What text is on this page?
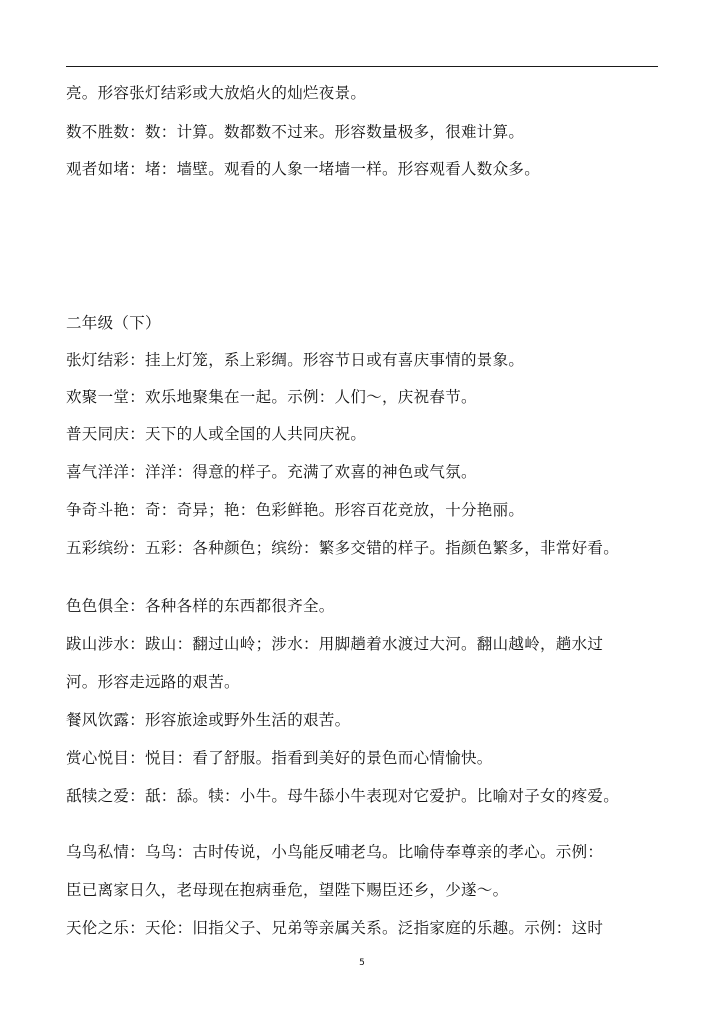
亮。形容张灯结彩或大放焰火的灿烂夜景。
数不胜数：数：计算。数都数不过来。形容数量极多，很难计算。
观者如堵：堵：墙壁。观看的人象一堵墙一样。形容观看人数众多。
二年级（下）
张灯结彩：挂上灯笼，系上彩绸。形容节日或有喜庆事情的景象。
欢聚一堂：欢乐地聚集在一起。示例：人们～，庆祝春节。
普天同庆：天下的人或全国的人共同庆祝。
喜气洋洋：洋洋：得意的样子。充满了欢喜的神色或气氛。
争奇斗艳：奇：奇异；艳：色彩鲜艳。形容百花竞放，十分艳丽。
五彩缤纷：五彩：各种颜色；缤纷：繁多交错的样子。指颜色繁多，非常好看。
色色俱全：各种各样的东西都很齐全。
跋山涉水：跋山：翻过山岭；涉水：用脚趟着水渡过大河。翻山越岭，趟水过
河。形容走远路的艰苦。
餐风饮露：形容旅途或野外生活的艰苦。
赏心悦目：悦目：看了舒服。指看到美好的景色而心情愉快。
舐犊之爱：舐：舔。犊：小牛。母牛舔小牛表现对它爱护。比喻对子女的疼爱。
乌鸟私情：乌鸟：古时传说，小鸟能反哺老乌。比喻侍奉尊亲的孝心。示例：
臣已离家日久，老母现在抱病垂危，望陛下赐臣还乡，少遂～。
天伦之乐：天伦：旧指父子、兄弟等亲属关系。泛指家庭的乐趣。示例：这时
5
